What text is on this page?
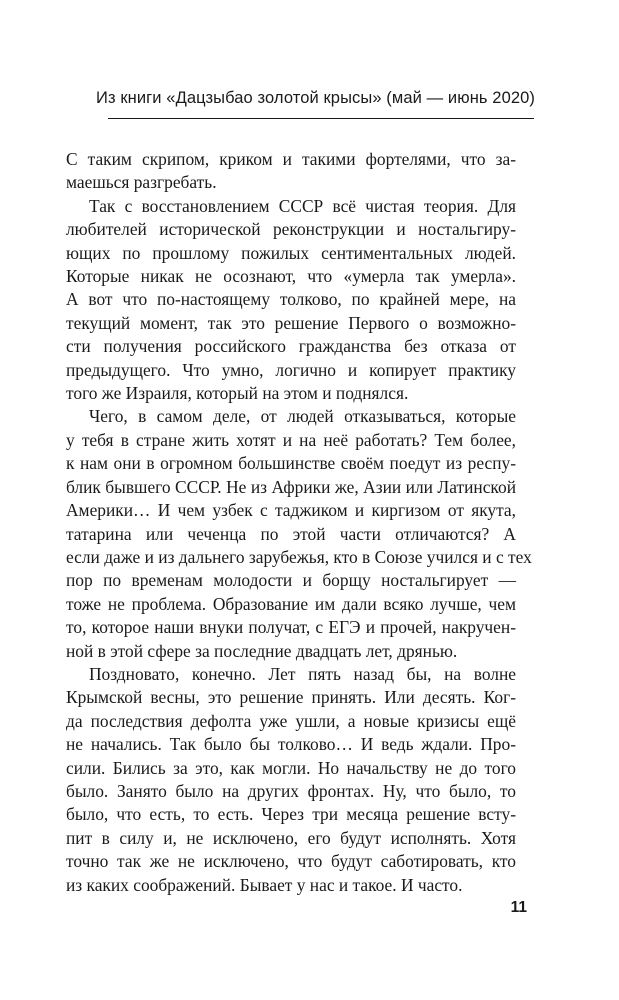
Из книги «Дацзыбао золотой крысы» (май — июнь 2020)

С таким скрипом, криком и такими фортелями, что за-
маешься разгребать.

Так с восстановлением СССР всё чистая теория. Для
любителей исторической реконструкции и ностальгиру-
ющих по прошлому пожилых сентиментальных людей.
Которые никак не осознают, что «умерла так умерла».
А вот что по-настоящему толково, по крайней мере, на
текущий момент, так это решение Первого о возможно-
сти получения российского гражданства без отказа от
предыдущего. Что умно, логично и копирует практику
того же Израиля, который на этом и поднялся.

Чего, в самом деле, от людей отказываться, которые
у тебя в стране жить хотят и на неё работать? Тем более,
к нам они в огромном большинстве своём поедут из респу-
блик бывшего СССР. Не из Африки же, Азии или Латинской
Америки… И чем узбек с таджиком и киргизом от якута,
татарина или чеченца по этой части отличаются? А
если даже и из дальнего зарубежья, кто в Союзе учился и с тех
пор по временам молодости и борщу ностальгирует —
тоже не проблема. Образование им дали всяко лучше, чем
то, которое наши внуки получат, с ЕГЭ и прочей, накручен-
ной в этой сфере за последние двадцать лет, дрянью.

Поздновато, конечно. Лет пять назад бы, на волне
Крымской весны, это решение принять. Или десять. Ког-
да последствия дефолта уже ушли, а новые кризисы ещё
не начались. Так было бы толково… И ведь ждали. Про-
сили. Бились за это, как могли. Но начальству не до того
было. Занято было на других фронтах. Ну, что было, то
было, что есть, то есть. Через три месяца решение всту-
пит в силу и, не исключено, его будут исполнять. Хотя
точно так же не исключено, что будут саботировать, кто
из каких соображений. Бывает у нас и такое. И часто.

11
